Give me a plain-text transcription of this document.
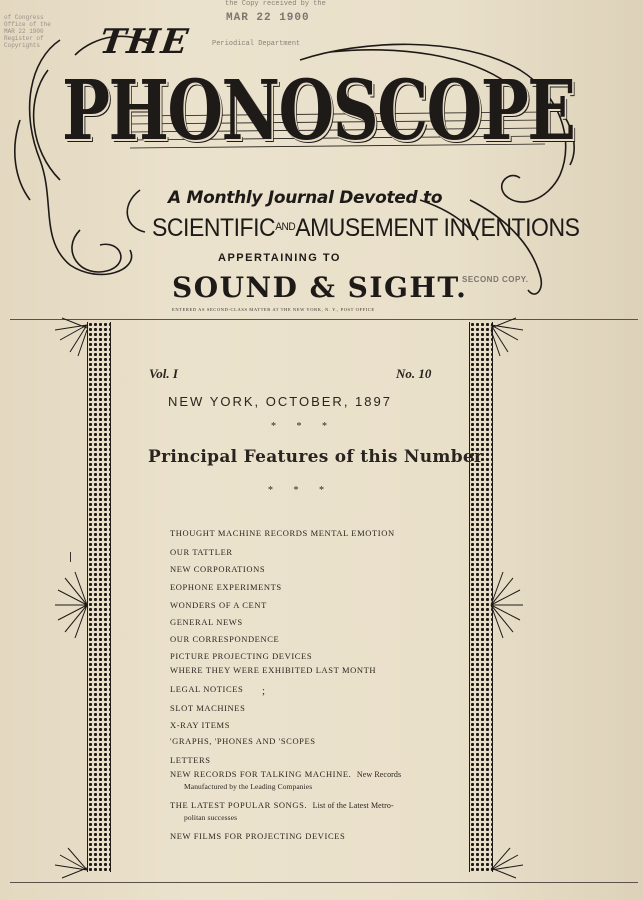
the Copy received by the
MAR 22 1900
Periodical Department
of Congress
Office of the
MAR 22 1900
Register of
Copyrights	THE
PHONOSCOPE
A Monthly Journal Devoted to
$SCIENTIFIC^{AND}AMUSEMENT$ INVENTIONS
APPERTAINING TO
SOUND & SIGHT.
SECOND COPY.
ENTERED AS SECOND-CLASS MATTER AT THE NEW YORK, N. Y., POST OFFICE
Vol. I	No. 10
NEW YORK, OCTOBER, 1897
* * *
Principal Features of this Number
* * *
THOUGHT MACHINE RECORDS MENTAL EMOTION
OUR TATTLER
NEW CORPORATIONS
EOPHONE EXPERIMENTS
WONDERS OF A CENT
GENERAL NEWS
OUR CORRESPONDENCE
PICTURE PROJECTING DEVICES
WHERE THEY WERE EXHIBITED LAST MONTH
LEGAL NOTICES
SLOT MACHINES
X-RAY ITEMS
'GRAPHS, 'PHONES AND 'SCOPES
LETTERS
NEW RECORDS FOR TALKING MACHINE. New Records
Manufactured by the Leading Companies
THE LATEST POPULAR SONGS. List of the Latest Metro-
politan successes
NEW FILMS FOR PROJECTING DEVICES
;
